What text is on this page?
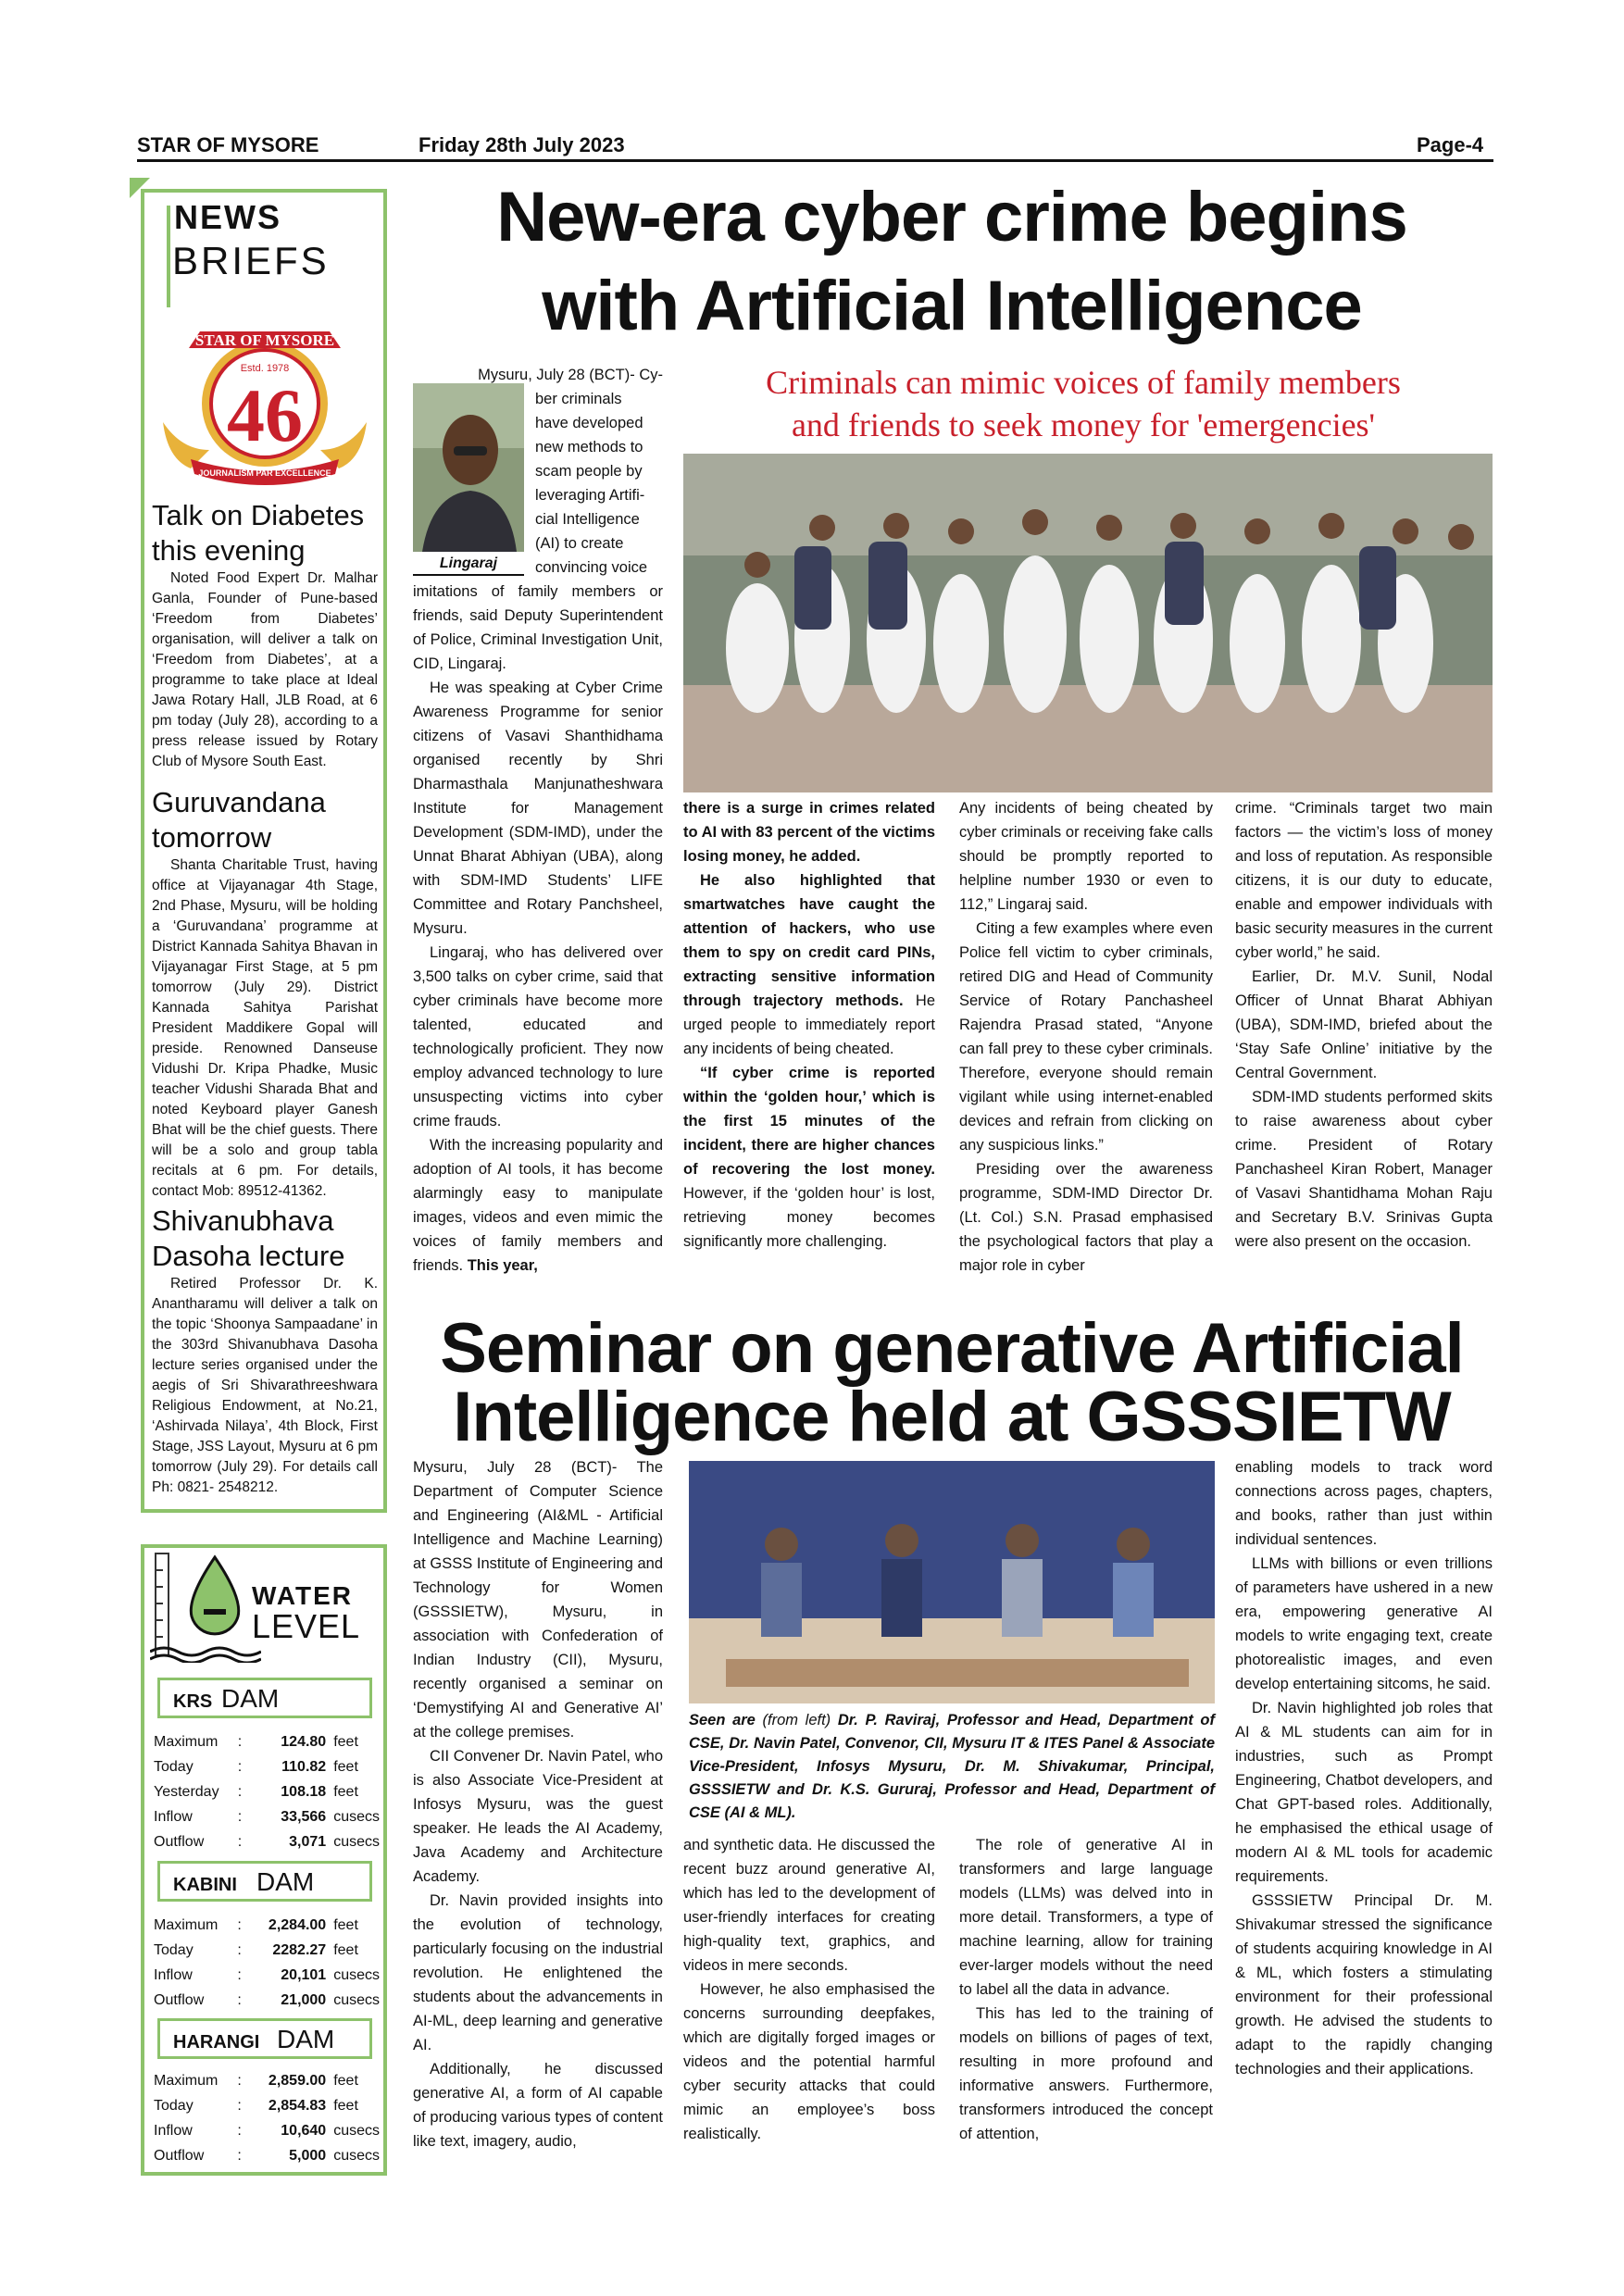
STAR OF MYSORE	Friday 28th July 2023	Page-4
NEWS
BRIEFS
STAR OF MYSORE
Estd. 1978
46
JOURNALISM PAR EXCELLENCE
Talk on Diabetes
this evening

Noted Food Expert Dr. Malhar Ganla, Founder of Pune-based ‘Freedom from Diabetes’ organisation, will deliver a talk on ‘Freedom from Diabetes’, at a programme to take place at Ideal Jawa Rotary Hall, JLB Road, at 6 pm today (July 28), according to a press release issued by Rotary Club of Mysore South East.

Guruvandana
tomorrow

Shanta Charitable Trust, having office at Vijayanagar 4th Stage, 2nd Phase, Mysuru, will be holding a ‘Guruvandana’ programme at District Kannada Sahitya Bhavan in Vijayanagar First Stage, at 5 pm tomorrow (July 29). District Kannada Sahitya Parishat President Maddikere Gopal will preside. Renowned Danseuse Vidushi Dr. Kripa Phadke, Music teacher Vidushi Sharada Bhat and noted Keyboard player Ganesh Bhat will be the chief guests. There will be a solo and group tabla recitals at 6 pm. For details, contact Mob: 89512-41362.

Shivanubhava
Dasoha lecture

Retired Professor Dr. K. Anantharamu will deliver a talk on the topic ‘Shoonya Sampaadane’ in the 303rd Shivanubhava Dasoha lecture series organised under the aegis of Sri Shivarathreeshwara Religious Endowment, at No.21, ‘Ashirvada Nilaya’, 4th Block, First Stage, JSS Layout, Mysuru at 6 pm tomorrow (July 29). For details call Ph: 0821- 2548212.

WATER
LEVEL
KRS DAM
Maximum	:	124.80	feet
Today	:	110.82	feet
Yesterday	:	108.18	feet
Inflow	:	33,566	cusecs
Outflow	:	3,071	cusecs
KABINI DAM
Maximum	:	2,284.00	feet
Today	:	2282.27	feet
Inflow	:	20,101	cusecs
Outflow	:	21,000	cusecs
HARANGI DAM
Maximum	:	2,859.00	feet
Today	:	2,854.83	feet
Inflow	:	10,640	cusecs
Outflow	:	5,000	cusecs
New-era cyber crime begins
with Artificial Intelligence
Lingaraj
Mysuru, July 28 (BCT)- Cy-
ber criminals
have developed
new methods to
scam people by
leveraging Artifi-
cial Intelligence
(AI) to create
convincing voice

imitations of family members or friends, said Deputy Superintendent of Police, Criminal Investigation Unit, CID, Lingaraj.

He was speaking at Cyber Crime Awareness Programme for senior citizens of Vasavi Shanthidhama organised recently by Shri Dharmasthala Manjunatheshwara Institute for Management Development (SDM-IMD), under the Unnat Bharat Abhiyan (UBA), along with SDM-IMD Students’ LIFE Committee and Rotary Panchsheel, Mysuru.

Lingaraj, who has delivered over 3,500 talks on cyber crime, said that cyber criminals have become more talented, educated and technologically proficient. They now employ advanced technology to lure unsuspecting victims into cyber crime frauds.

With the increasing popularity and adoption of AI tools, it has become alarmingly easy to manipulate images, videos and even mimic the voices of family members and friends. This year,

Criminals can mimic voices of family members
and friends to seek money for 'emergencies'

there is a surge in crimes related to AI with 83 percent of the victims losing money, he added.

He also highlighted that smartwatches have caught the attention of hackers, who use them to spy on credit card PINs, extracting sensitive information through trajectory methods. He urged people to immediately report any incidents of being cheated.

“If cyber crime is reported within the ‘golden hour,’ which is the first 15 minutes of the incident, there are higher chances of recovering the lost money. However, if the ‘golden hour’ is lost, retrieving money becomes significantly more challenging.

Any incidents of being cheated by cyber criminals or receiving fake calls should be promptly reported to helpline number 1930 or even to 112,” Lingaraj said.

Citing a few examples where even Police fell victim to cyber criminals, retired DIG and Head of Community Service of Rotary Panchasheel Rajendra Prasad stated, “Anyone can fall prey to these cyber criminals. Therefore, everyone should remain vigilant while using internet-enabled devices and refrain from clicking on any suspicious links.”

Presiding over the awareness programme, SDM-IMD Director Dr. (Lt. Col.) S.N. Prasad emphasised the psychological factors that play a major role in cyber

crime. “Criminals target two main factors — the victim’s loss of money and loss of reputation. As responsible citizens, it is our duty to educate, enable and empower individuals with basic security measures in the current cyber world,” he said.

Earlier, Dr. M.V. Sunil, Nodal Officer of Unnat Bharat Abhiyan (UBA), SDM-IMD, briefed about the ‘Stay Safe Online’ initiative by the Central Government.

SDM-IMD students performed skits to raise awareness about cyber crime. President of Rotary Panchasheel Kiran Robert, Manager of Vasavi Shantidhama Mohan Raju and Secretary B.V. Srinivas Gupta were also present on the occasion.

Seminar on generative Artificial
Intelligence held at GSSSIETW

Mysuru, July 28 (BCT)- The Department of Computer Science and Engineering (AI&ML - Artificial Intelligence and Machine Learning) at GSSS Institute of Engineering and Technology for Women (GSSSIETW), Mysuru, in association with Confederation of Indian Industry (CII), Mysuru, recently organised a seminar on ‘Demystifying AI and Generative AI’ at the college premises.

CII Convener Dr. Navin Patel, who is also Associate Vice-President at Infosys Mysuru, was the guest speaker. He leads the AI Academy, Java Academy and Architecture Academy.

Dr. Navin provided insights into the evolution of technology, particularly focusing on the industrial revolution. He enlightened the students about the advancements in AI-ML, deep learning and generative AI.

Additionally, he discussed generative AI, a form of AI capable of producing various types of content like text, imagery, audio,

Seen are (from left) Dr. P. Raviraj, Professor and Head, Department of CSE, Dr. Navin Patel, Convenor, CII, Mysuru IT & ITES Panel & Associate Vice-President, Infosys Mysuru, Dr. M. Shivakumar, Principal, GSSSIETW and Dr. K.S. Gururaj, Professor and Head, Department of CSE (AI & ML).

and synthetic data. He discussed the recent buzz around generative AI, which has led to the development of user-friendly interfaces for creating high-quality text, graphics, and videos in mere seconds.

However, he also emphasised the concerns surrounding deepfakes, which are digitally forged images or videos and the potential harmful cyber security attacks that could mimic an employee’s boss realistically.

The role of generative AI in transformers and large language models (LLMs) was delved into in more detail. Transformers, a type of machine learning, allow for training ever-larger models without the need to label all the data in advance.

This has led to the training of models on billions of pages of text, resulting in more profound and informative answers. Furthermore, transformers introduced the concept of attention,

enabling models to track word connections across pages, chapters, and books, rather than just within individual sentences.

LLMs with billions or even trillions of parameters have ushered in a new era, empowering generative AI models to write engaging text, create photorealistic images, and even develop entertaining sitcoms, he said.

Dr. Navin highlighted job roles that AI & ML students can aim for in industries, such as Prompt Engineering, Chatbot developers, and Chat GPT-based roles. Additionally, he emphasised the ethical usage of modern AI & ML tools for academic requirements.

GSSSIETW Principal Dr. M. Shivakumar stressed the significance of students acquiring knowledge in AI & ML, which fosters a stimulating environment for their professional growth. He advised the students to adapt to the rapidly changing technologies and their applications.
